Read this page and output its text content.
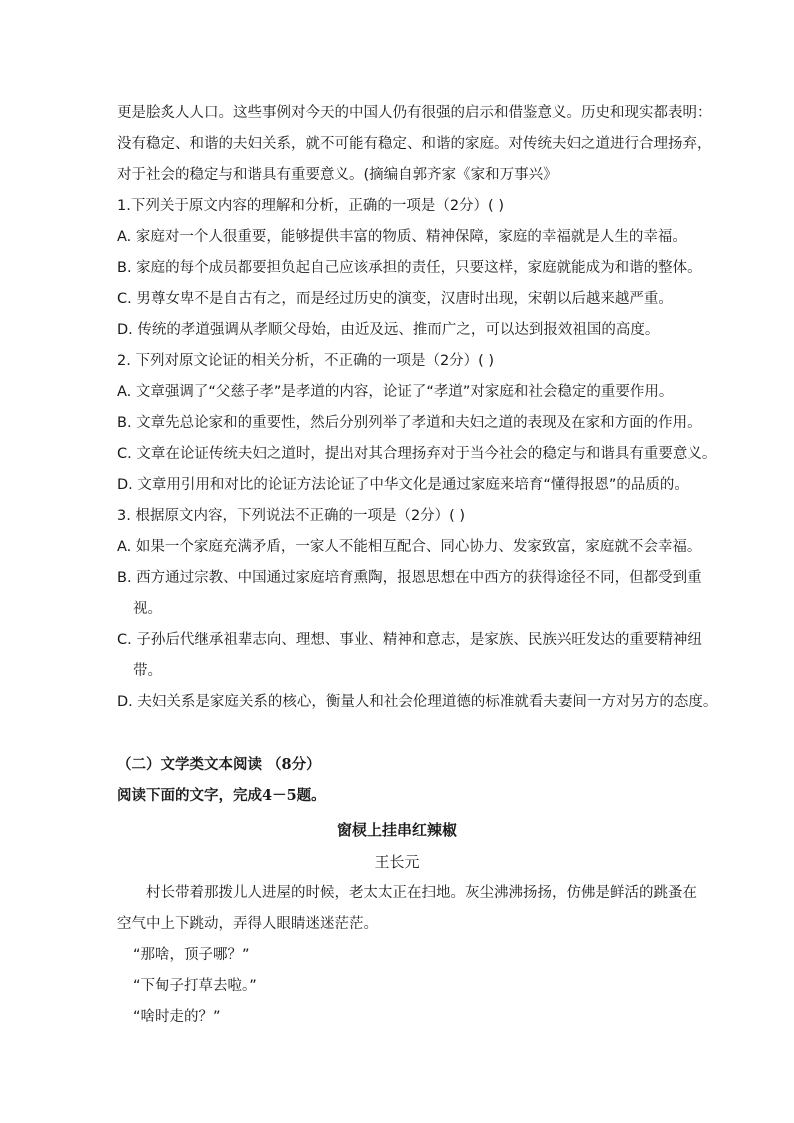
更是脍炙人人口。这些事例对今天的中国人仍有很强的启示和借鉴意义。历史和现实都表明：
没有稳定、和谐的夫妇关系，就不可能有稳定、和谐的家庭。对传统夫妇之道进行合理扬弃，
对于社会的稳定与和谐具有重要意义。(摘编自郭齐家《家和万事兴》
1.下列关于原文内容的理解和分析，正确的一项是（2分）( )
A. 家庭对一个人很重要，能够提供丰富的物质、精神保障，家庭的幸福就是人生的幸福。
B. 家庭的每个成员都要担负起自己应该承担的责任，只要这样，家庭就能成为和谐的整体。
C. 男尊女卑不是自古有之，而是经过历史的演变，汉唐时出现，宋朝以后越来越严重。
D. 传统的孝道强调从孝顺父母始，由近及远、推而广之，可以达到报效祖国的高度。
2. 下列对原文论证的相关分析，不正确的一项是（2分）( )
A. 文章强调了“父慈子孝”是孝道的内容，论证了“孝道”对家庭和社会稳定的重要作用。
B. 文章先总论家和的重要性，然后分别列举了孝道和夫妇之道的表现及在家和方面的作用。
C. 文章在论证传统夫妇之道时，提出对其合理扬弃对于当今社会的稳定与和谐具有重要意义。
D. 文章用引用和对比的论证方法论证了中华文化是通过家庭来培育“懂得报恩”的品质的。
3. 根据原文内容，下列说法不正确的一项是（2分）( )
A. 如果一个家庭充满矛盾，一家人不能相互配合、同心协力、发家致富，家庭就不会幸福。
B. 西方通过宗教、中国通过家庭培育熏陶，报恩思想在中西方的获得途径不同，但都受到重
视。
C. 子孙后代继承祖辈志向、理想、事业、精神和意志，是家族、民族兴旺发达的重要精神纽
带。
D. 夫妇关系是家庭关系的核心，衡量人和社会伦理道德的标准就看夫妻间一方对另方的态度。
（二）文学类文本阅读 （8分）
阅读下面的文字，完成4－5题。
窗棂上挂串红辣椒
王长元
村长带着那拨儿人进屋的时候，老太太正在扫地。灰尘沸沸扬扬，仿佛是鲜活的跳蚤在
空气中上下跳动，弄得人眼睛迷迷茫茫。
“那啥，顶子哪？”
“下甸子打草去啦。”
“啥时走的？”
